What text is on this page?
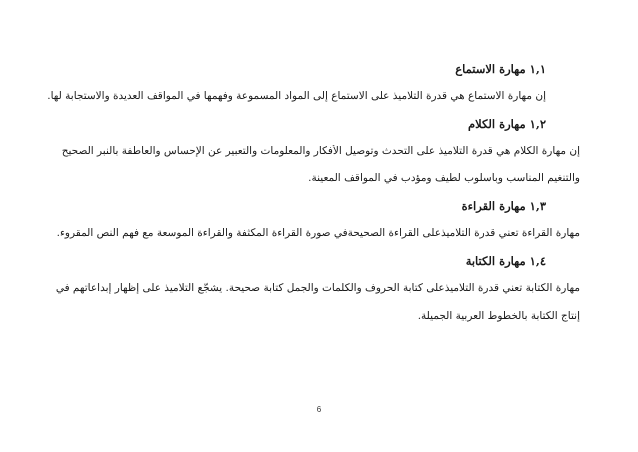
١,١ مهارة الاستماع
إن مهارة الاستماع هي قدرة التلاميذ على الاستماع إلى المواد المسموعة وفهمها في المواقف العديدة والاستجابة لها.
١,٢ مهارة الكلام
إن مهارة الكلام هي قدرة التلاميذ على التحدث وتوصيل الأفكار والمعلومات والتعبير عن الإحساس والعاطفة بالنبر الصحيح
والتنغيم المناسب وبأسلوب لطيف ومؤدب في المواقف المعينة.
١,٣ مهارة القراءة
مهارة القراءة تعني قدرة التلاميذعلى القراءة الصحيحةفي صورة القراءة المكثفة والقراءة الموسعة مع فهم النص المقروء.
١,٤ مهارة الكتابة
مهارة الكتابة تعني قدرة التلاميذعلى كتابة الحروف والكلمات والجمل كتابة صحيحة. يشجّع التلاميذ على إظهار إبداعاتهم في
إنتاج الكتابة بالخطوط العربية الجميلة.
6
